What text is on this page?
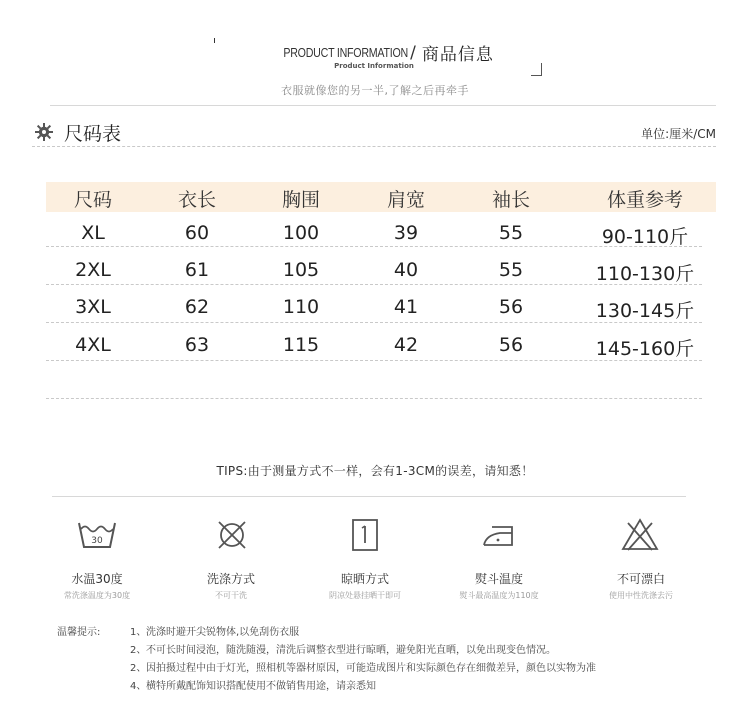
PRODUCT INFORMATION / 商品信息
Product Information
衣服就像您的另一半,了解之后再牵手
尺码表	单位:厘米/CM
尺码	衣长	胸围	肩宽	袖长	体重参考
XL	60	100	39	55	90-110斤
2XL	61	105	40	55	110-130斤
3XL	62	110	41	56	130-145斤
4XL	63	115	42	56	145-160斤
TIPS:由于测量方式不一样，会有1-3CM的误差，请知悉！
30
水温30度
常洗涤温度为30度
洗涤方式
不可干洗
晾晒方式
阴凉处悬挂晒干即可
熨斗温度
熨斗最高温度为110度
不可漂白
使用中性洗涤去污
温馨提示:	1、洗涤时避开尖锐物体,以免刮伤衣服
2、不可长时间浸泡，随洗随漫，清洗后调整衣型进行晾晒，避免阳光直晒，以免出现变色情况。
2、因拍摄过程中由于灯光，照相机等器材原因，可能造成图片和实际颜色存在细微差异，颜色以实物为准
4、横特所戴配饰知识搭配使用不做销售用途，请亲悉知
